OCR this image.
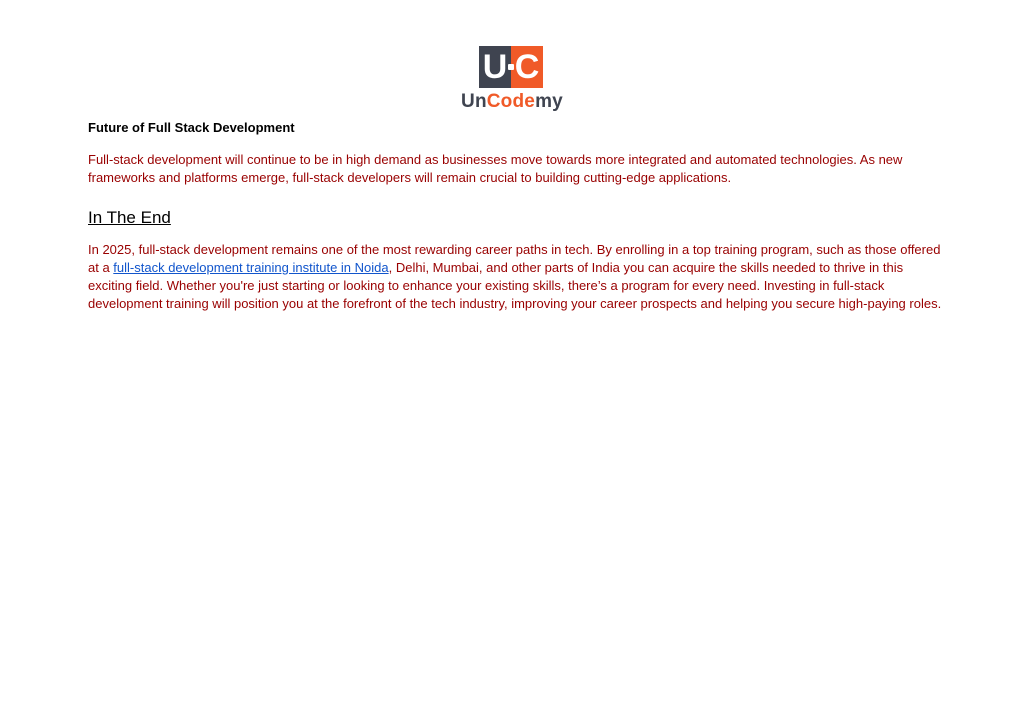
U C
UnCodemy

Future of Full Stack Development

Full-stack development will continue to be in high demand as businesses move towards more integrated and automated technologies. As new frameworks and platforms emerge, full-stack developers will remain crucial to building cutting-edge applications.

In The End

In 2025, full-stack development remains one of the most rewarding career paths in tech. By enrolling in a top training program, such as those offered at a full-stack development training institute in Noida, Delhi, Mumbai, and other parts of India you can acquire the skills needed to thrive in this exciting field. Whether you're just starting or looking to enhance your existing skills, there’s a program for every need. Investing in full-stack development training will position you at the forefront of the tech industry, improving your career prospects and helping you secure high-paying roles.
